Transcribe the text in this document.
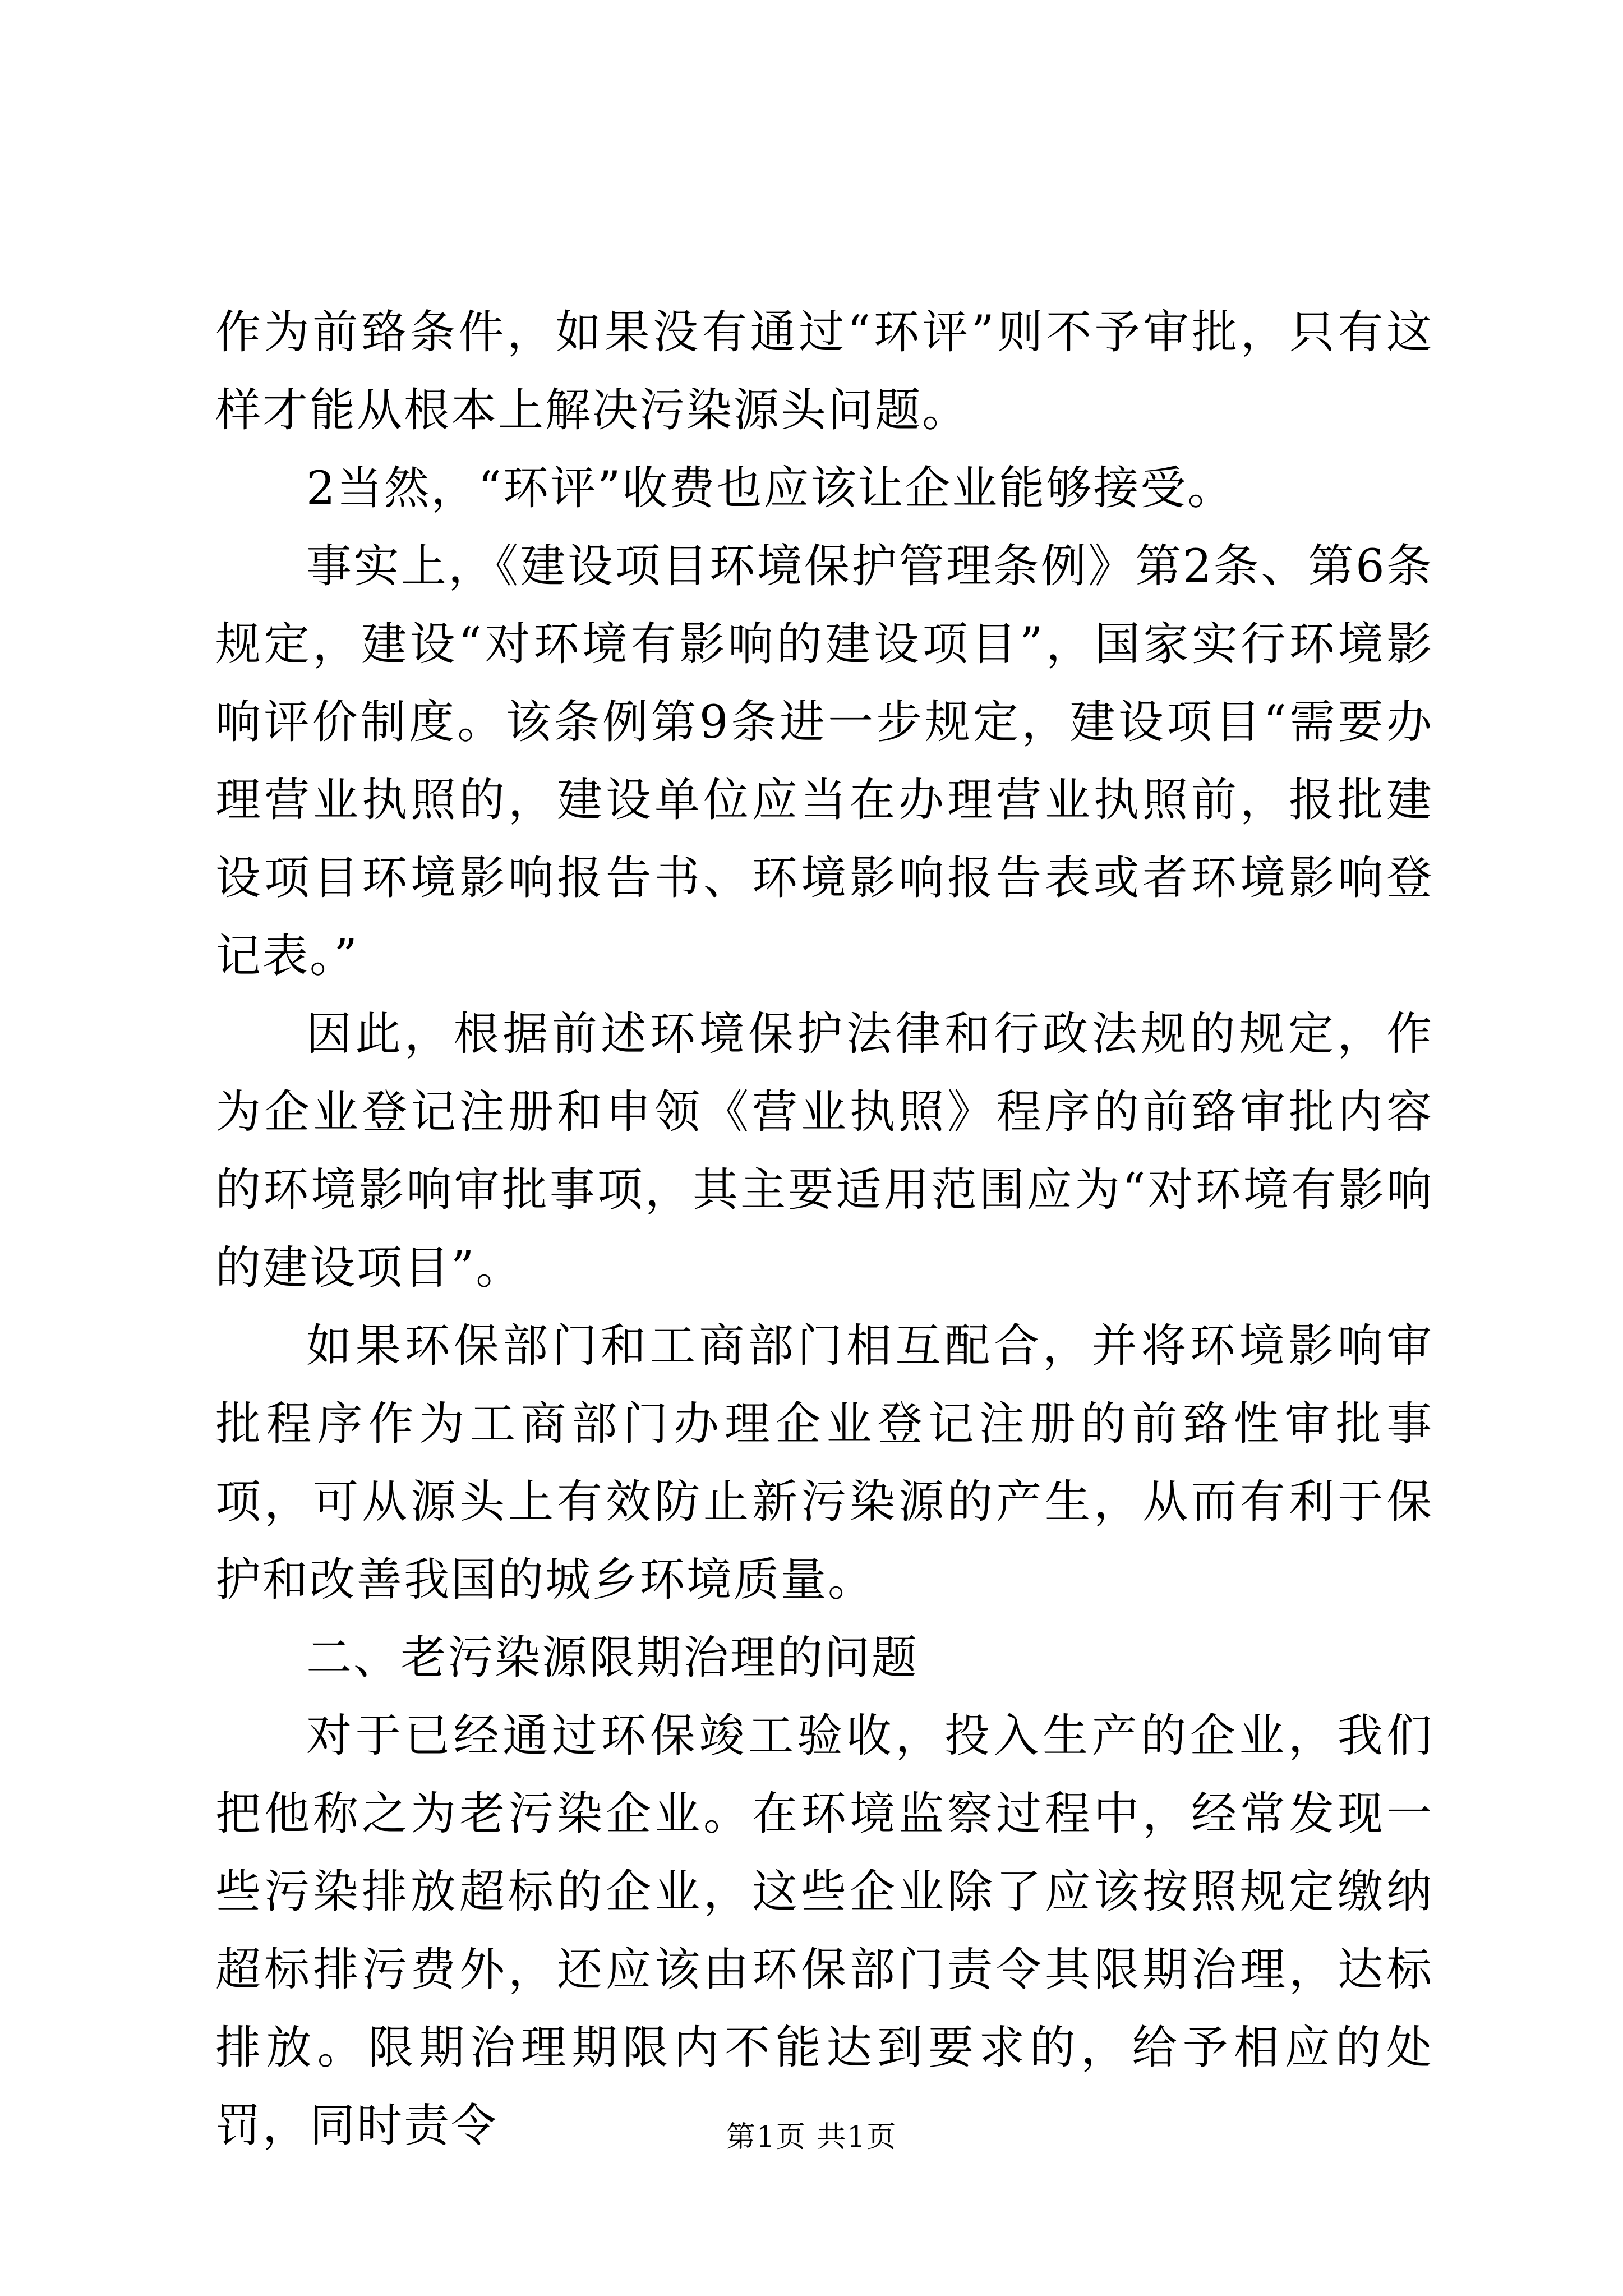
作为前臵条件，如果没有通过“环评”则不予审批，只有这样才能从根本上解决污染源头问题。

2当然，“环评”收费也应该让企业能够接受。

事实上，《建设项目环境保护管理条例》第2条、第6条规定，建设“对环境有影响的建设项目”，国家实行环境影响评价制度。该条例第9条进一步规定，建设项目“需要办理营业执照的，建设单位应当在办理营业执照前，报批建设项目环境影响报告书、环境影响报告表或者环境影响登记表。”

因此，根据前述环境保护法律和行政法规的规定，作为企业登记注册和申领《营业执照》程序的前臵审批内容的环境影响审批事项，其主要适用范围应为“对环境有影响的建设项目”。

如果环保部门和工商部门相互配合，并将环境影响审批程序作为工商部门办理企业登记注册的前臵性审批事项，可从源头上有效防止新污染源的产生，从而有利于保护和改善我国的城乡环境质量。

二、老污染源限期治理的问题

对于已经通过环保竣工验收，投入生产的企业，我们把他称之为老污染企业。在环境监察过程中，经常发现一些污染排放超标的企业，这些企业除了应该按照规定缴纳超标排污费外，还应该由环保部门责令其限期治理，达标排放。限期治理期限内不能达到要求的，给予相应的处罚，同时责令	第1页 共1页
